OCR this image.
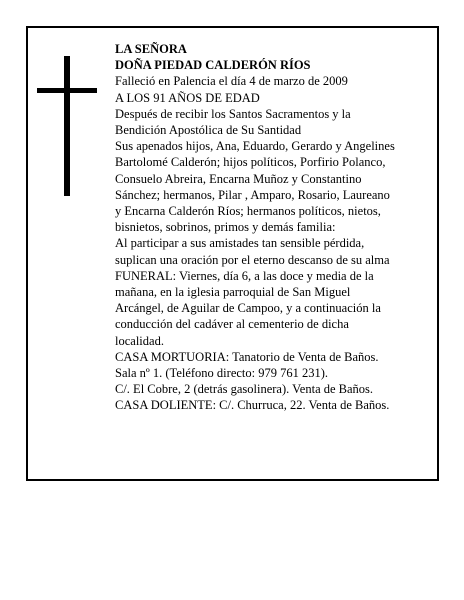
LA SEÑORA
DOÑA PIEDAD CALDERÓN RÍOS
Falleció en Palencia el día 4 de marzo de 2009
A LOS 91 AÑOS DE EDAD
Después de recibir los Santos Sacramentos y la
Bendición Apostólica de Su Santidad
Sus apenados hijos, Ana, Eduardo, Gerardo y Angelines
Bartolomé Calderón; hijos políticos, Porfirio Polanco,
Consuelo Abreira, Encarna Muñoz y Constantino
Sánchez; hermanos, Pilar , Amparo, Rosario, Laureano
y Encarna Calderón Ríos; hermanos políticos, nietos,
bisnietos, sobrinos, primos y demás familia:
Al participar a sus amistades tan sensible pérdida,
suplican una oración por el eterno descanso de su alma
FUNERAL: Viernes, día 6, a las doce y media de la
mañana, en la iglesia parroquial de San Miguel
Arcángel, de Aguilar de Campoo, y a continuación la
conducción del cadáver al cementerio de dicha
localidad.
CASA MORTUORIA: Tanatorio de Venta de Baños.
Sala nº 1. (Teléfono directo: 979 761 231).
C/. El Cobre, 2 (detrás gasolinera). Venta de Baños.
CASA DOLIENTE: C/. Churruca, 22. Venta de Baños.
